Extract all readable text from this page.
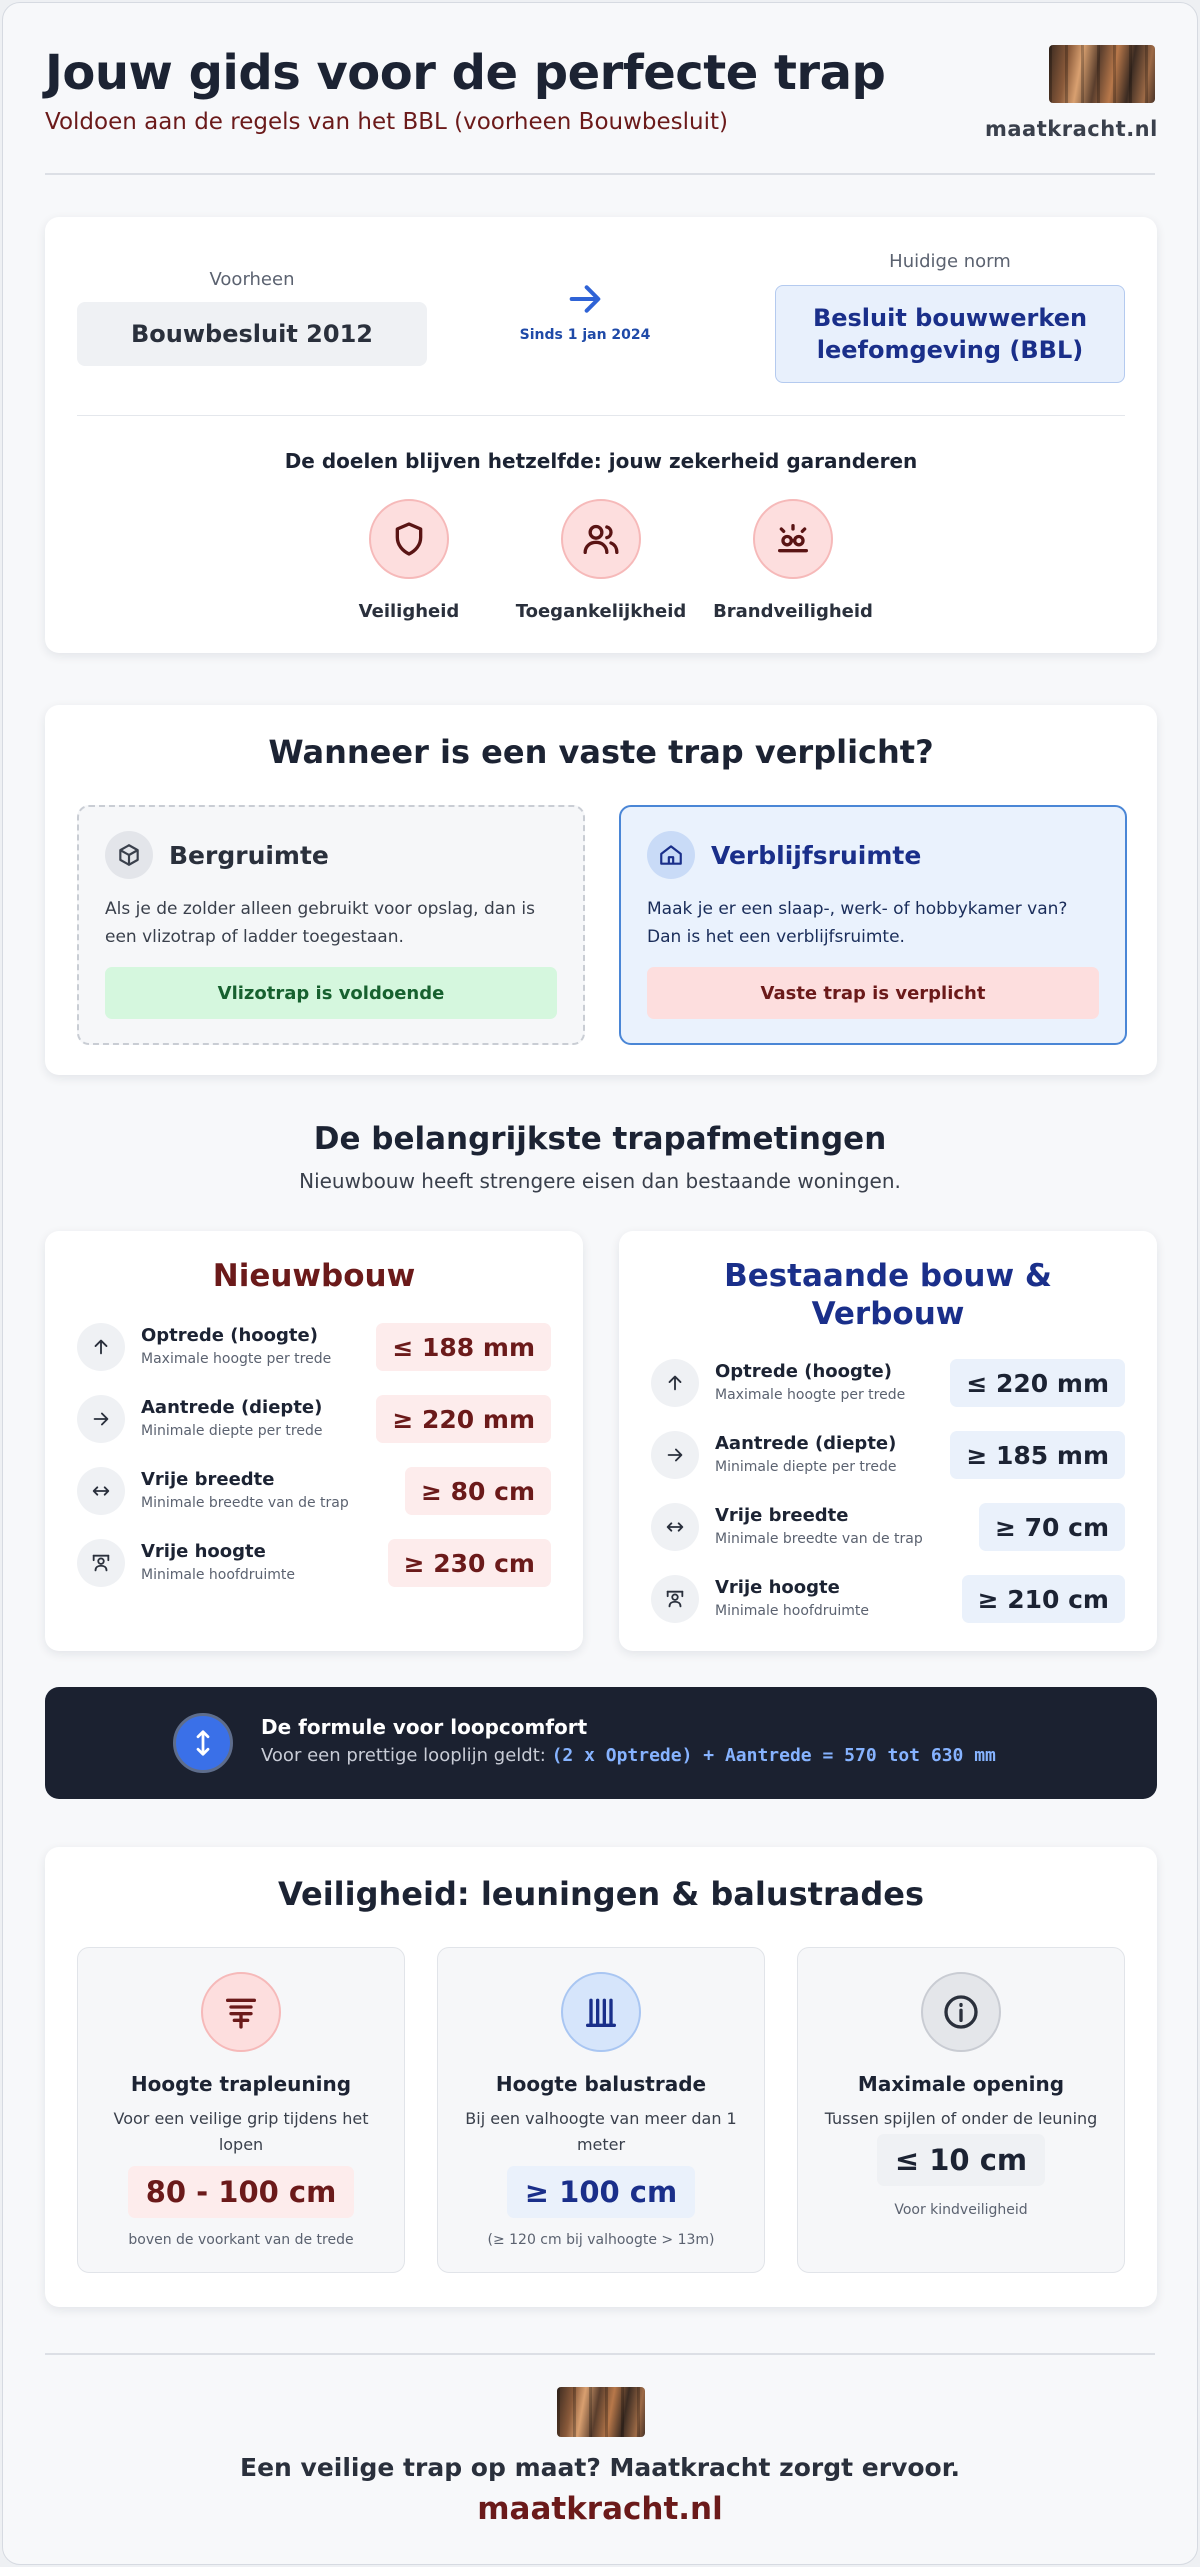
Jouw gids voor de perfecte trap
Voldoen aan de regels van het BBL (voorheen Bouwbesluit)	maatkracht.nl
Voorheen
Bouwbesluit 2012	Sinds 1 jan 2024
Huidige norm
Besluit bouwwerken leefomgeving (BBL)
De doelen blijven hetzelfde: jouw zekerheid garanderen
Veiligheid	Toegankelijkheid	Brandveiligheid
Wanneer is een vaste trap verplicht?
Bergruimte
Als je de zolder alleen gebruikt voor opslag, dan is een vlizotrap of ladder toegestaan.
Vlizotrap is voldoende
Verblijfsruimte
Maak je er een slaap-, werk- of hobbykamer van? Dan is het een verblijfsruimte.
Vaste trap is verplicht
De belangrijkste trapafmetingen
Nieuwbouw heeft strengere eisen dan bestaande woningen.
Nieuwbouw
Optrede (hoogte)
Maximale hoogte per trede	≤ 188 mm
Aantrede (diepte)
Minimale diepte per trede	≥ 220 mm
Vrije breedte
Minimale breedte van de trap	≥ 80 cm
Vrije hoogte
Minimale hoofdruimte	≥ 230 cm
Bestaande bouw & Verbouw
Optrede (hoogte)
Maximale hoogte per trede	≤ 220 mm
Aantrede (diepte)
Minimale diepte per trede	≥ 185 mm
Vrije breedte
Minimale breedte van de trap	≥ 70 cm
Vrije hoogte
Minimale hoofdruimte	≥ 210 cm
De formule voor loopcomfort
Voor een prettige looplijn geldt: (2 x Optrede) + Aantrede = 570 tot 630 mm
Veiligheid: leuningen & balustrades
Hoogte trapleuning
Voor een veilige grip tijdens het lopen
80 - 100 cm
boven de voorkant van de trede
Hoogte balustrade
Bij een valhoogte van meer dan 1 meter
≥ 100 cm
(≥ 120 cm bij valhoogte > 13m)
Maximale opening
Tussen spijlen of onder de leuning
≤ 10 cm
Voor kindveiligheid
Een veilige trap op maat? Maatkracht zorgt ervoor.
maatkracht.nl
